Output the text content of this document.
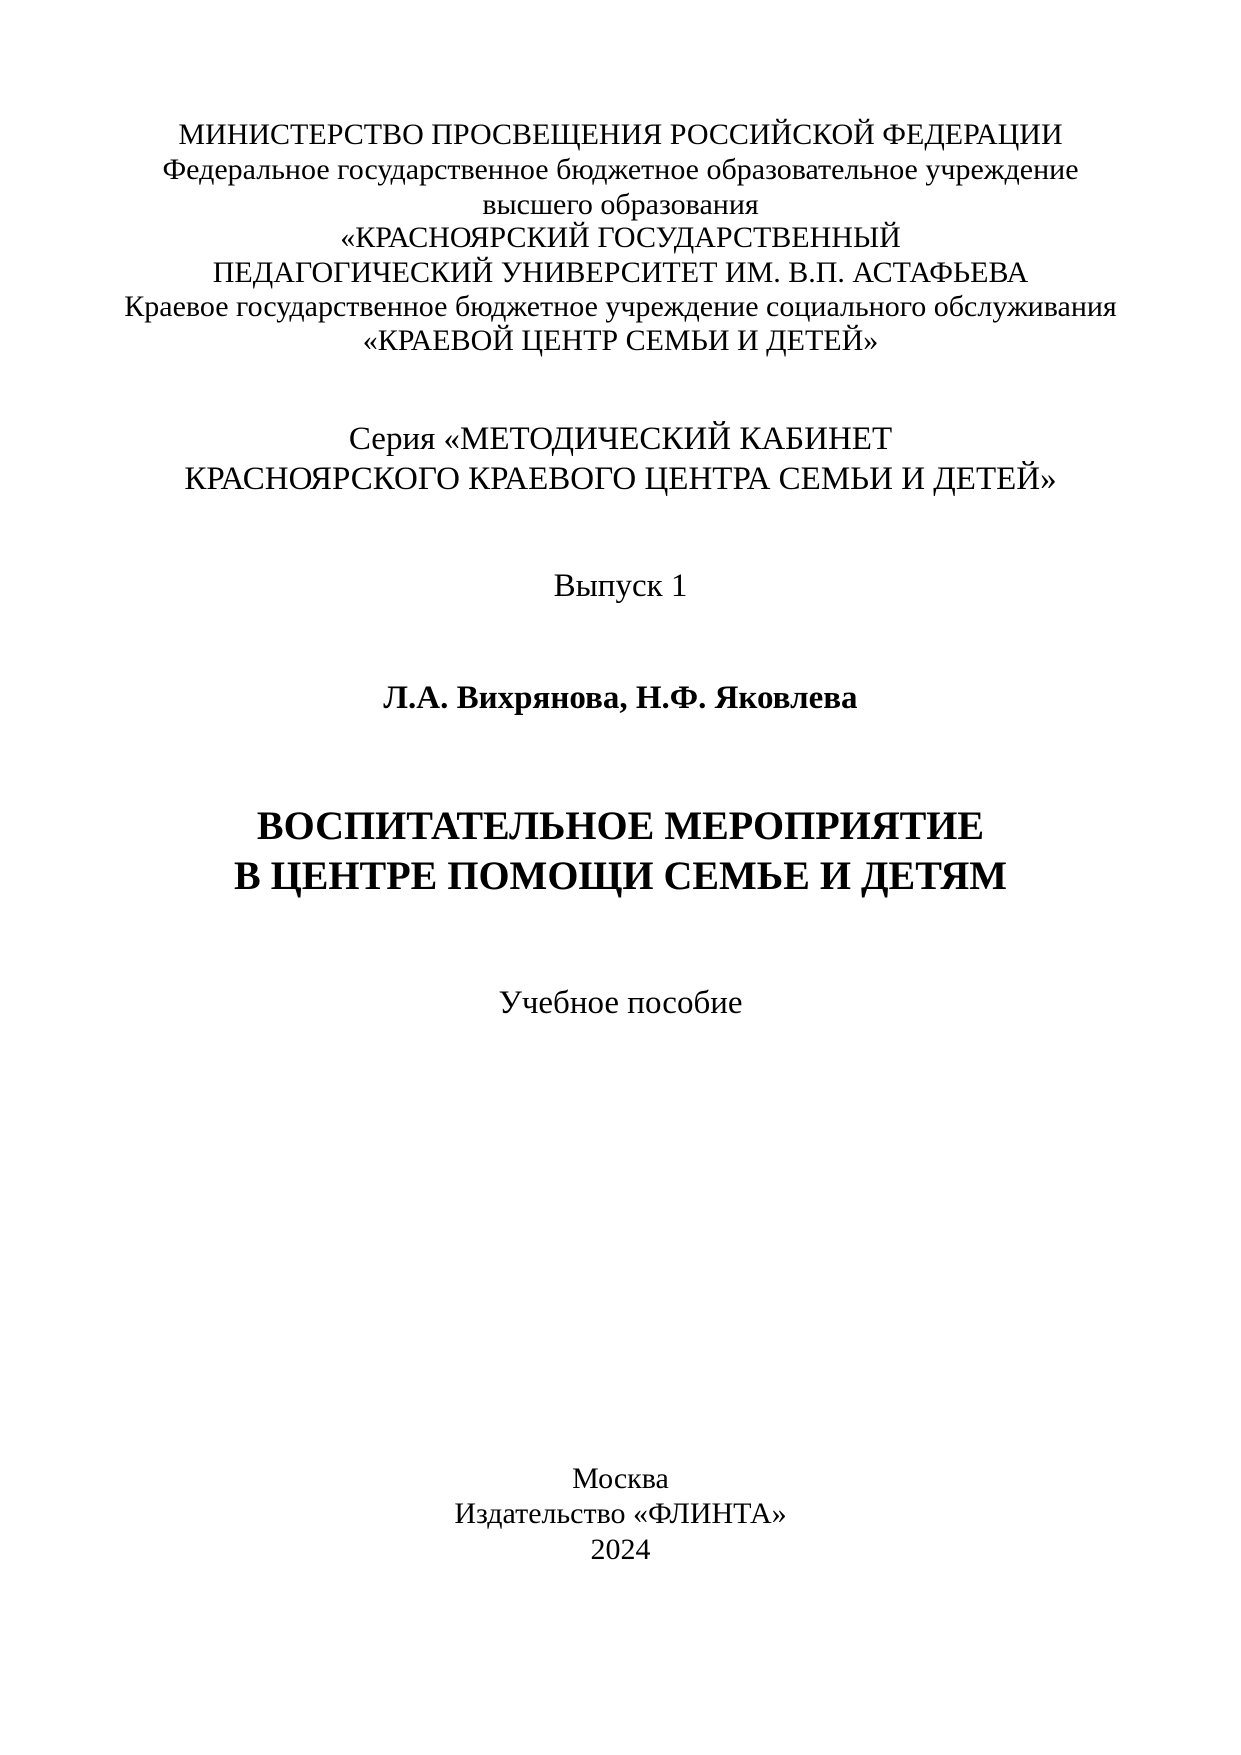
МИНИСТЕРСТВО ПРОСВЕЩЕНИЯ РОССИЙСКОЙ ФЕДЕРАЦИИ
Федеральное государственное бюджетное образовательное учреждение
высшего образования
«КРАСНОЯРСКИЙ ГОСУДАРСТВЕННЫЙ
ПЕДАГОГИЧЕСКИЙ УНИВЕРСИТЕТ ИМ. В.П. АСТАФЬЕВА
Краевое государственное бюджетное учреждение социального обслуживания
«КРАЕВОЙ ЦЕНТР СЕМЬИ И ДЕТЕЙ»
Серия «МЕТОДИЧЕСКИЙ КАБИНЕТ
КРАСНОЯРСКОГО КРАЕВОГО ЦЕНТРА СЕМЬИ И ДЕТЕЙ»
Выпуск 1
Л.А. Вихрянова, Н.Ф. Яковлева
ВОСПИТАТЕЛЬНОЕ МЕРОПРИЯТИЕ
В ЦЕНТРЕ ПОМОЩИ СЕМЬЕ И ДЕТЯМ
Учебное пособие
Москва
Издательство «ФЛИНТА»
2024
